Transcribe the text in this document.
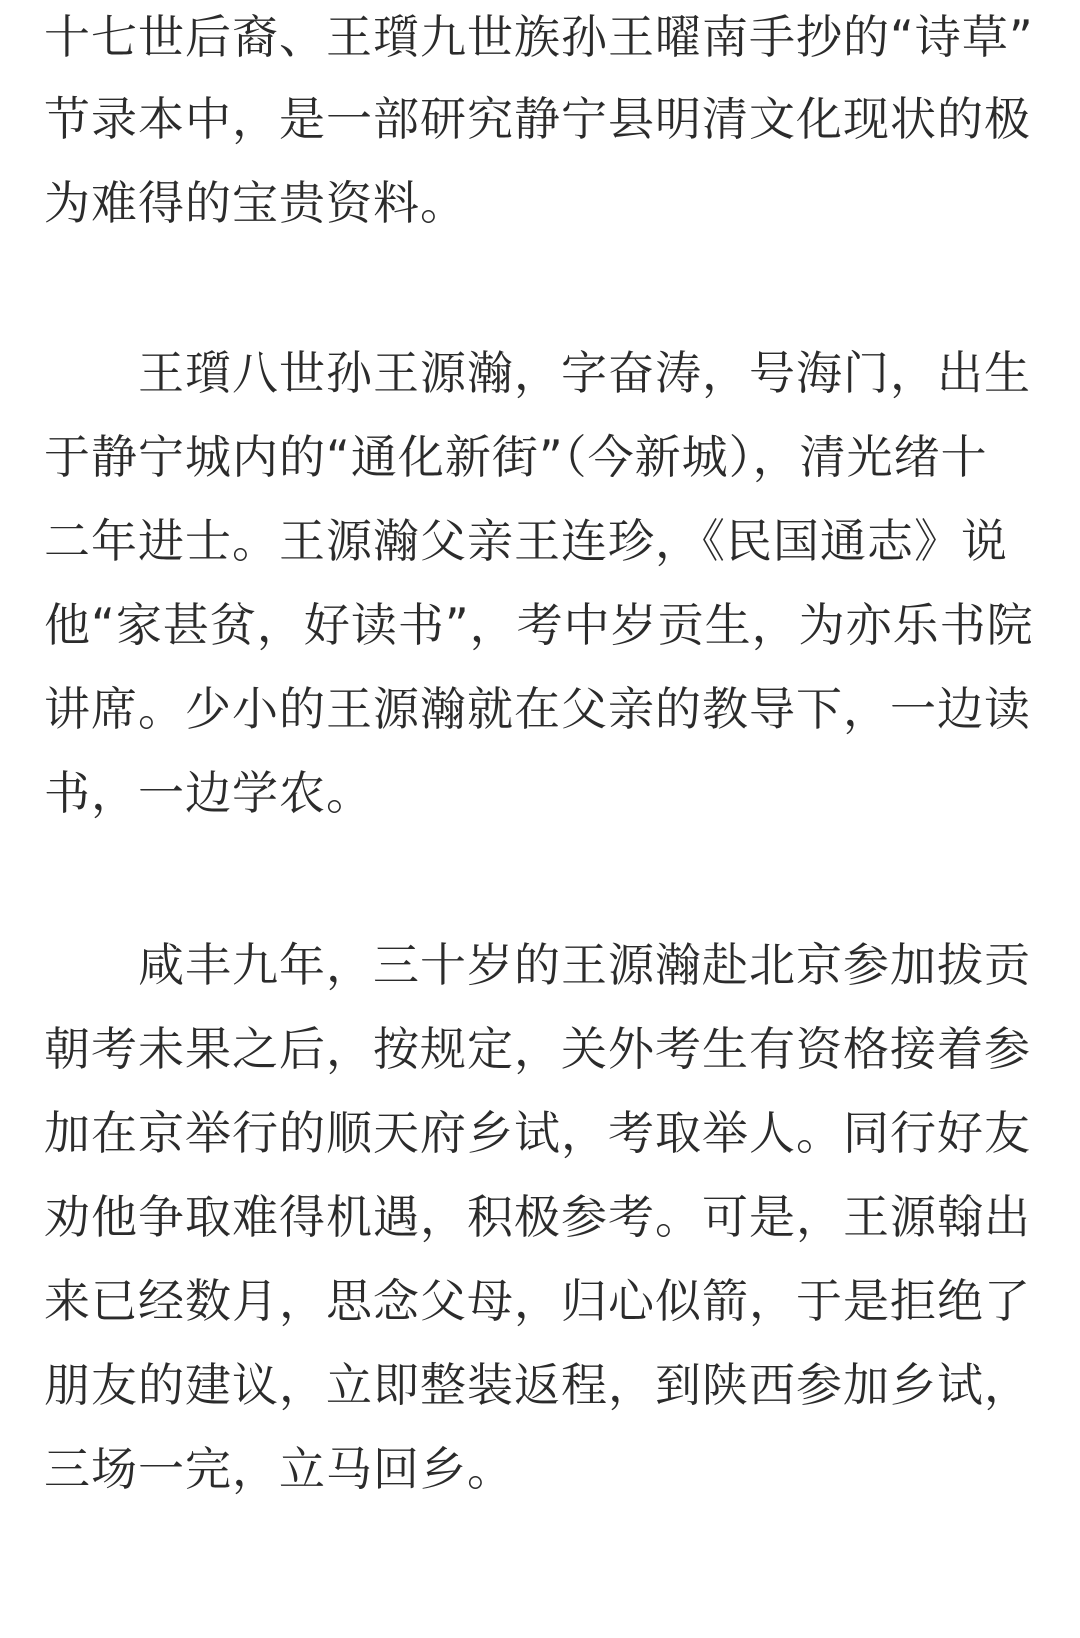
十七世后裔、王瓆九世族孙王曜南手抄的“诗草”
节录本中，是一部研究静宁县明清文化现状的极
为难得的宝贵资料。
王瓆八世孙王源瀚，字奋涛，号海门，出生
于静宁城内的“通化新街”（今新城），清光绪十
二年进士。王源瀚父亲王连珍，《民国通志》说
他“家甚贫，好读书”，考中岁贡生，为亦乐书院
讲席。少小的王源瀚就在父亲的教导下，一边读
书，一边学农。
咸丰九年，三十岁的王源瀚赴北京参加拔贡
朝考未果之后，按规定，关外考生有资格接着参
加在京举行的顺天府乡试，考取举人。同行好友
劝他争取难得机遇，积极参考。可是，王源翰出
来已经数月，思念父母，归心似箭，于是拒绝了
朋友的建议，立即整装返程，到陕西参加乡试，
三场一完，立马回乡。
